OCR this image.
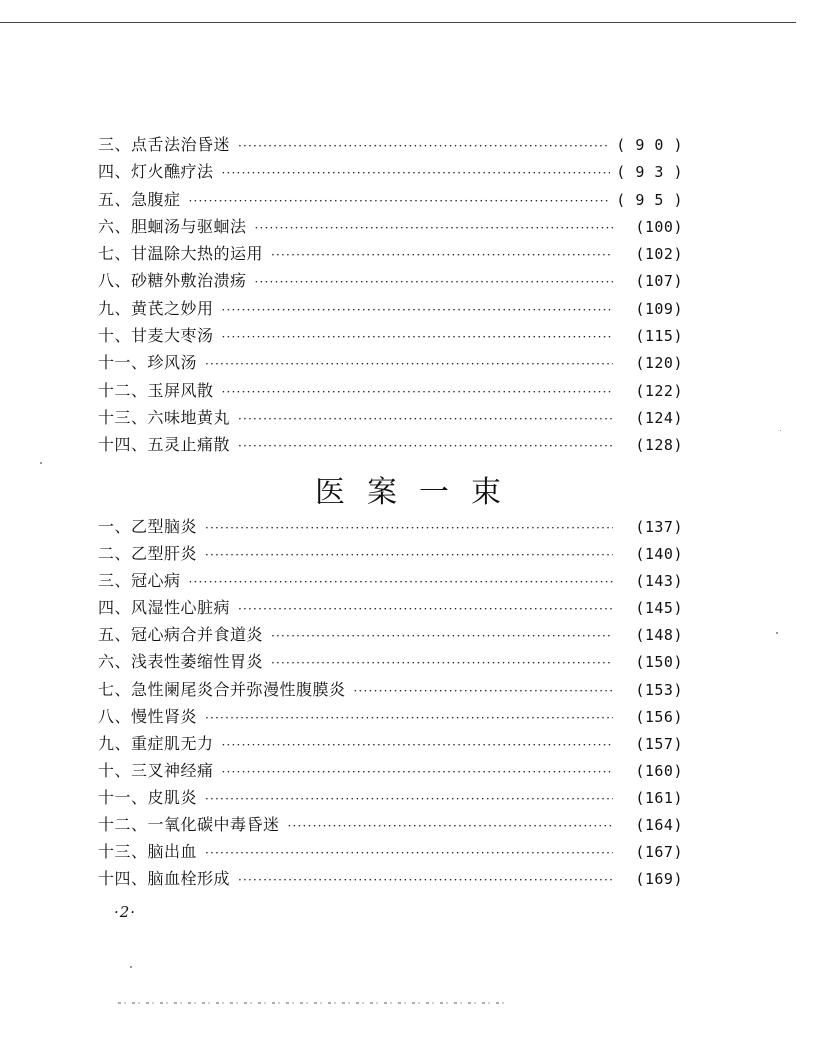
三、点舌法治昏迷 ·····	( 9 0 )
四、灯火醮疗法 ·····	( 9 3 )
五、急腹症 ·····	( 9 5 )
六、胆蛔汤与驱蛔法 ·····	(100)
七、甘温除大热的运用 ·····	(102)
八、砂糖外敷治溃疡 ·····	(107)
九、黄芪之妙用 ·····	(109)
十、甘麦大枣汤 ·····	(115)
十一、珍风汤 ·····	(120)
十二、玉屏风散 ·····	(122)
十三、六味地黄丸 ·····	(124)
十四、五灵止痛散 ·····	(128)
医案一束
一、乙型脑炎 ·····	(137)
二、乙型肝炎 ·····	(140)
三、冠心病 ·····	(143)
四、风湿性心脏病 ·····	(145)
五、冠心病合并食道炎 ·····	(148)
六、浅表性萎缩性胃炎 ·····	(150)
七、急性阑尾炎合并弥漫性腹膜炎 ·····	(153)
八、慢性肾炎 ·····	(156)
九、重症肌无力 ·····	(157)
十、三叉神经痛 ·····	(160)
十一、皮肌炎 ·····	(161)
十二、一氧化碳中毒昏迷 ·····	(164)
十三、脑出血 ·····	(167)
十四、脑血栓形成 ·····	(169)
·2·
